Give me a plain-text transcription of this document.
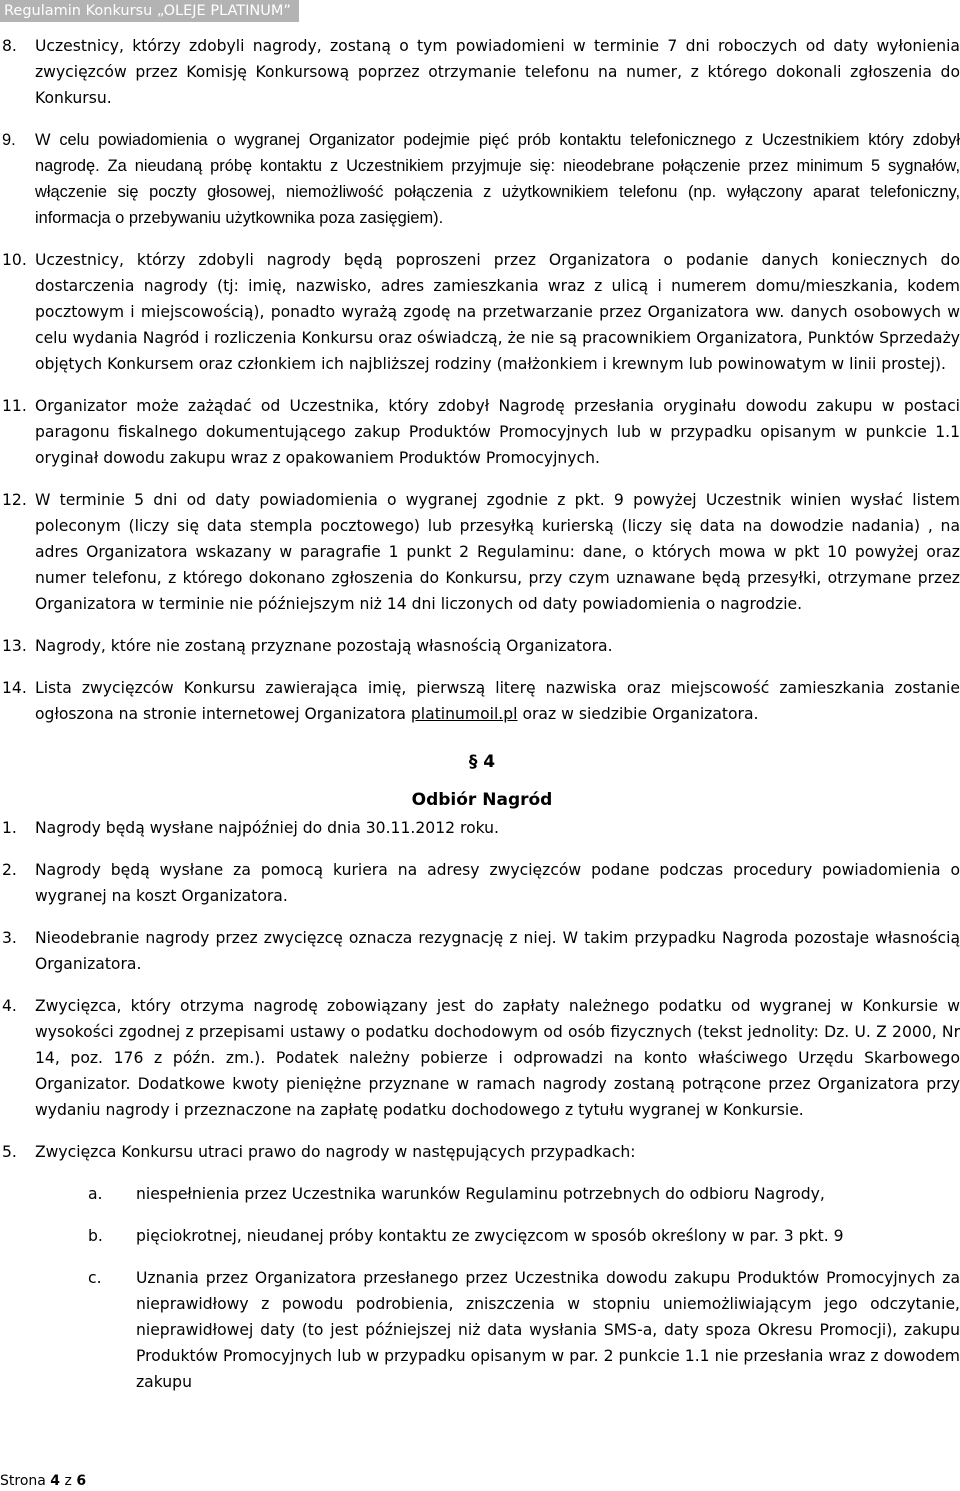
Regulamin Konkursu „OLEJE PLATINUM”
8. Uczestnicy, którzy zdobyli nagrody, zostaną o tym powiadomieni w terminie 7 dni roboczych od daty wyłonienia zwycięzców przez Komisję Konkursową poprzez otrzymanie telefonu na numer, z którego dokonali zgłoszenia do Konkursu.
9. W celu powiadomienia o wygranej Organizator podejmie pięć prób kontaktu telefonicznego z Uczestnikiem który zdobył nagrodę. Za nieudaną próbę kontaktu z Uczestnikiem przyjmuje się: nieodebrane połączenie przez minimum 5 sygnałów, włączenie się poczty głosowej, niemożliwość połączenia z użytkownikiem telefonu (np. wyłączony aparat telefoniczny, informacja o przebywaniu użytkownika poza zasięgiem).
10. Uczestnicy, którzy zdobyli nagrody będą poproszeni przez Organizatora o podanie danych koniecznych do dostarczenia nagrody (tj: imię, nazwisko, adres zamieszkania wraz z ulicą i numerem domu/mieszkania, kodem pocztowym i miejscowością), ponadto wyrażą zgodę na przetwarzanie przez Organizatora ww. danych osobowych w celu wydania Nagród i rozliczenia Konkursu oraz oświadczą, że nie są pracownikiem Organizatora, Punktów Sprzedaży objętych Konkursem oraz członkiem ich najbliższej rodziny (małżonkiem i krewnym lub powinowatym w linii prostej).
11. Organizator może zażądać od Uczestnika, który zdobył Nagrodę przesłania oryginału dowodu zakupu w postaci paragonu fiskalnego dokumentującego zakup Produktów Promocyjnych lub w przypadku opisanym w punkcie 1.1 oryginał dowodu zakupu wraz z opakowaniem Produktów Promocyjnych.
12. W terminie 5 dni od daty powiadomienia o wygranej zgodnie z pkt. 9 powyżej Uczestnik winien wysłać listem poleconym (liczy się data stempla pocztowego) lub przesyłką kurierską (liczy się data na dowodzie nadania) , na adres Organizatora wskazany w paragrafie 1 punkt 2 Regulaminu: dane, o których mowa w pkt 10 powyżej oraz numer telefonu, z którego dokonano zgłoszenia do Konkursu, przy czym uznawane będą przesyłki, otrzymane przez Organizatora w terminie nie późniejszym niż 14 dni liczonych od daty powiadomienia o nagrodzie.
13. Nagrody, które nie zostaną przyznane pozostają własnością Organizatora.
14. Lista zwycięzców Konkursu zawierająca imię, pierwszą literę nazwiska oraz miejscowość zamieszkania zostanie ogłoszona na stronie internetowej Organizatora platinumoil.pl oraz w siedzibie Organizatora.
§ 4
Odbiór Nagród
1. Nagrody będą wysłane najpóźniej do dnia 30.11.2012 roku.
2. Nagrody będą wysłane za pomocą kuriera na adresy zwycięzców podane podczas procedury powiadomienia o wygranej na koszt Organizatora.
3. Nieodebranie nagrody przez zwycięzcę oznacza rezygnację z niej. W takim przypadku Nagroda pozostaje własnością Organizatora.
4. Zwycięzca, który otrzyma nagrodę zobowiązany jest do zapłaty należnego podatku od wygranej w Konkursie w wysokości zgodnej z przepisami ustawy o podatku dochodowym od osób fizycznych (tekst jednolity: Dz. U. Z 2000, Nr 14, poz. 176 z późn. zm.). Podatek należny pobierze i odprowadzi na konto właściwego Urzędu Skarbowego Organizator. Dodatkowe kwoty pieniężne przyznane w ramach nagrody zostaną potrącone przez Organizatora przy wydaniu nagrody i przeznaczone na zapłatę podatku dochodowego z tytułu wygranej w Konkursie.
5. Zwycięzca Konkursu utraci prawo do nagrody w następujących przypadkach:
a. niespełnienia przez Uczestnika warunków Regulaminu potrzebnych do odbioru Nagrody,
b. pięciokrotnej, nieudanej próby kontaktu ze zwycięzcom w sposób określony w par. 3 pkt. 9
c. Uznania przez Organizatora przesłanego przez Uczestnika dowodu zakupu Produktów Promocyjnych za nieprawidłowy z powodu podrobienia, zniszczenia w stopniu uniemożliwiającym jego odczytanie, nieprawidłowej daty (to jest późniejszej niż data wysłania SMS-a, daty spoza Okresu Promocji), zakupu Produktów Promocyjnych lub w przypadku opisanym w par. 2 punkcie 1.1 nie przesłania wraz z dowodem zakupu
Strona 4 z 6
